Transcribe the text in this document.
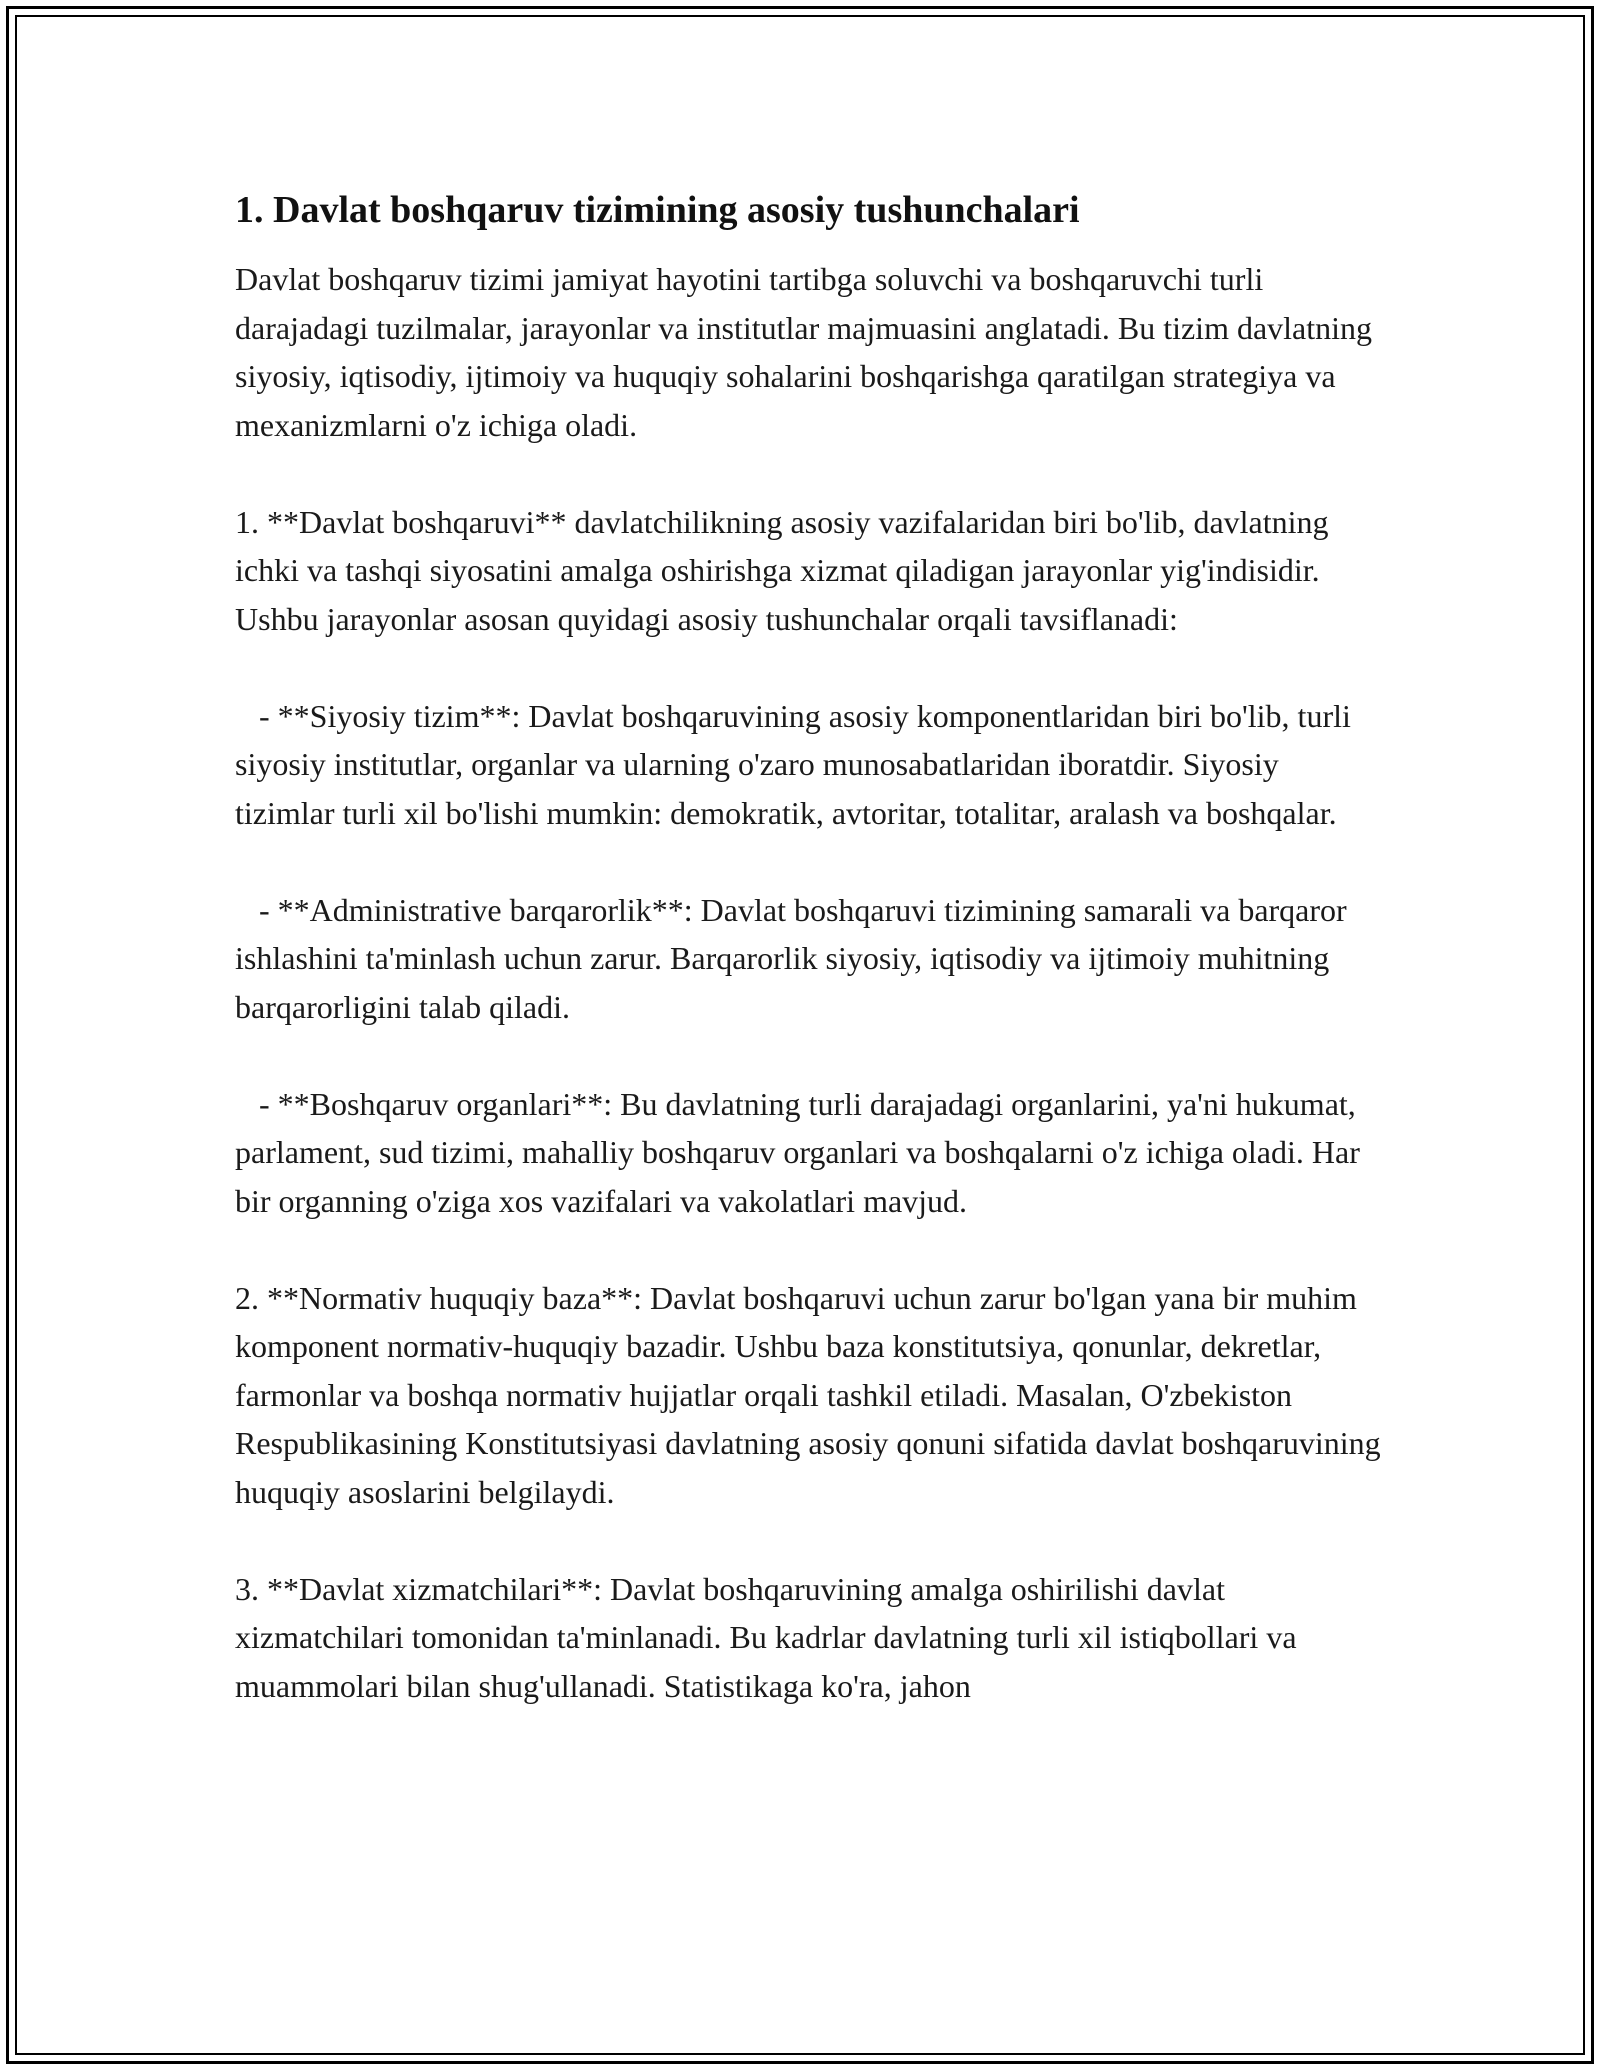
1. Davlat boshqaruv tizimining asosiy tushunchalari

Davlat boshqaruv tizimi jamiyat hayotini tartibga soluvchi va boshqaruvchi turli darajadagi tuzilmalar, jarayonlar va institutlar majmuasini anglatadi. Bu tizim davlatning siyosiy, iqtisodiy, ijtimoiy va huquqiy sohalarini boshqarishga qaratilgan strategiya va mexanizmlarni o'z ichiga oladi.

1. **Davlat boshqaruvi** davlatchilikning asosiy vazifalaridan biri bo'lib, davlatning ichki va tashqi siyosatini amalga oshirishga xizmat qiladigan jarayonlar yig'indisidir. Ushbu jarayonlar asosan quyidagi asosiy tushunchalar orqali tavsiflanadi:

- **Siyosiy tizim**: Davlat boshqaruvining asosiy komponentlaridan biri bo'lib, turli siyosiy institutlar, organlar va ularning o'zaro munosabatlaridan iboratdir. Siyosiy tizimlar turli xil bo'lishi mumkin: demokratik, avtoritar, totalitar, aralash va boshqalar.

- **Administrative barqarorlik**: Davlat boshqaruvi tizimining samarali va barqaror ishlashini ta'minlash uchun zarur. Barqarorlik siyosiy, iqtisodiy va ijtimoiy muhitning barqarorligini talab qiladi.

- **Boshqaruv organlari**: Bu davlatning turli darajadagi organlarini, ya'ni hukumat, parlament, sud tizimi, mahalliy boshqaruv organlari va boshqalarni o'z ichiga oladi. Har bir organning o'ziga xos vazifalari va vakolatlari mavjud.

2. **Normativ huquqiy baza**: Davlat boshqaruvi uchun zarur bo'lgan yana bir muhim komponent normativ-huquqiy bazadir. Ushbu baza konstitutsiya, qonunlar, dekretlar, farmonlar va boshqa normativ hujjatlar orqali tashkil etiladi. Masalan, O'zbekiston Respublikasining Konstitutsiyasi davlatning asosiy qonuni sifatida davlat boshqaruvining huquqiy asoslarini belgilaydi.

3. **Davlat xizmatchilari**: Davlat boshqaruvining amalga oshirilishi davlat xizmatchilari tomonidan ta'minlanadi. Bu kadrlar davlatning turli xil istiqbollari va muammolari bilan shug'ullanadi. Statistikaga ko'ra, jahon
